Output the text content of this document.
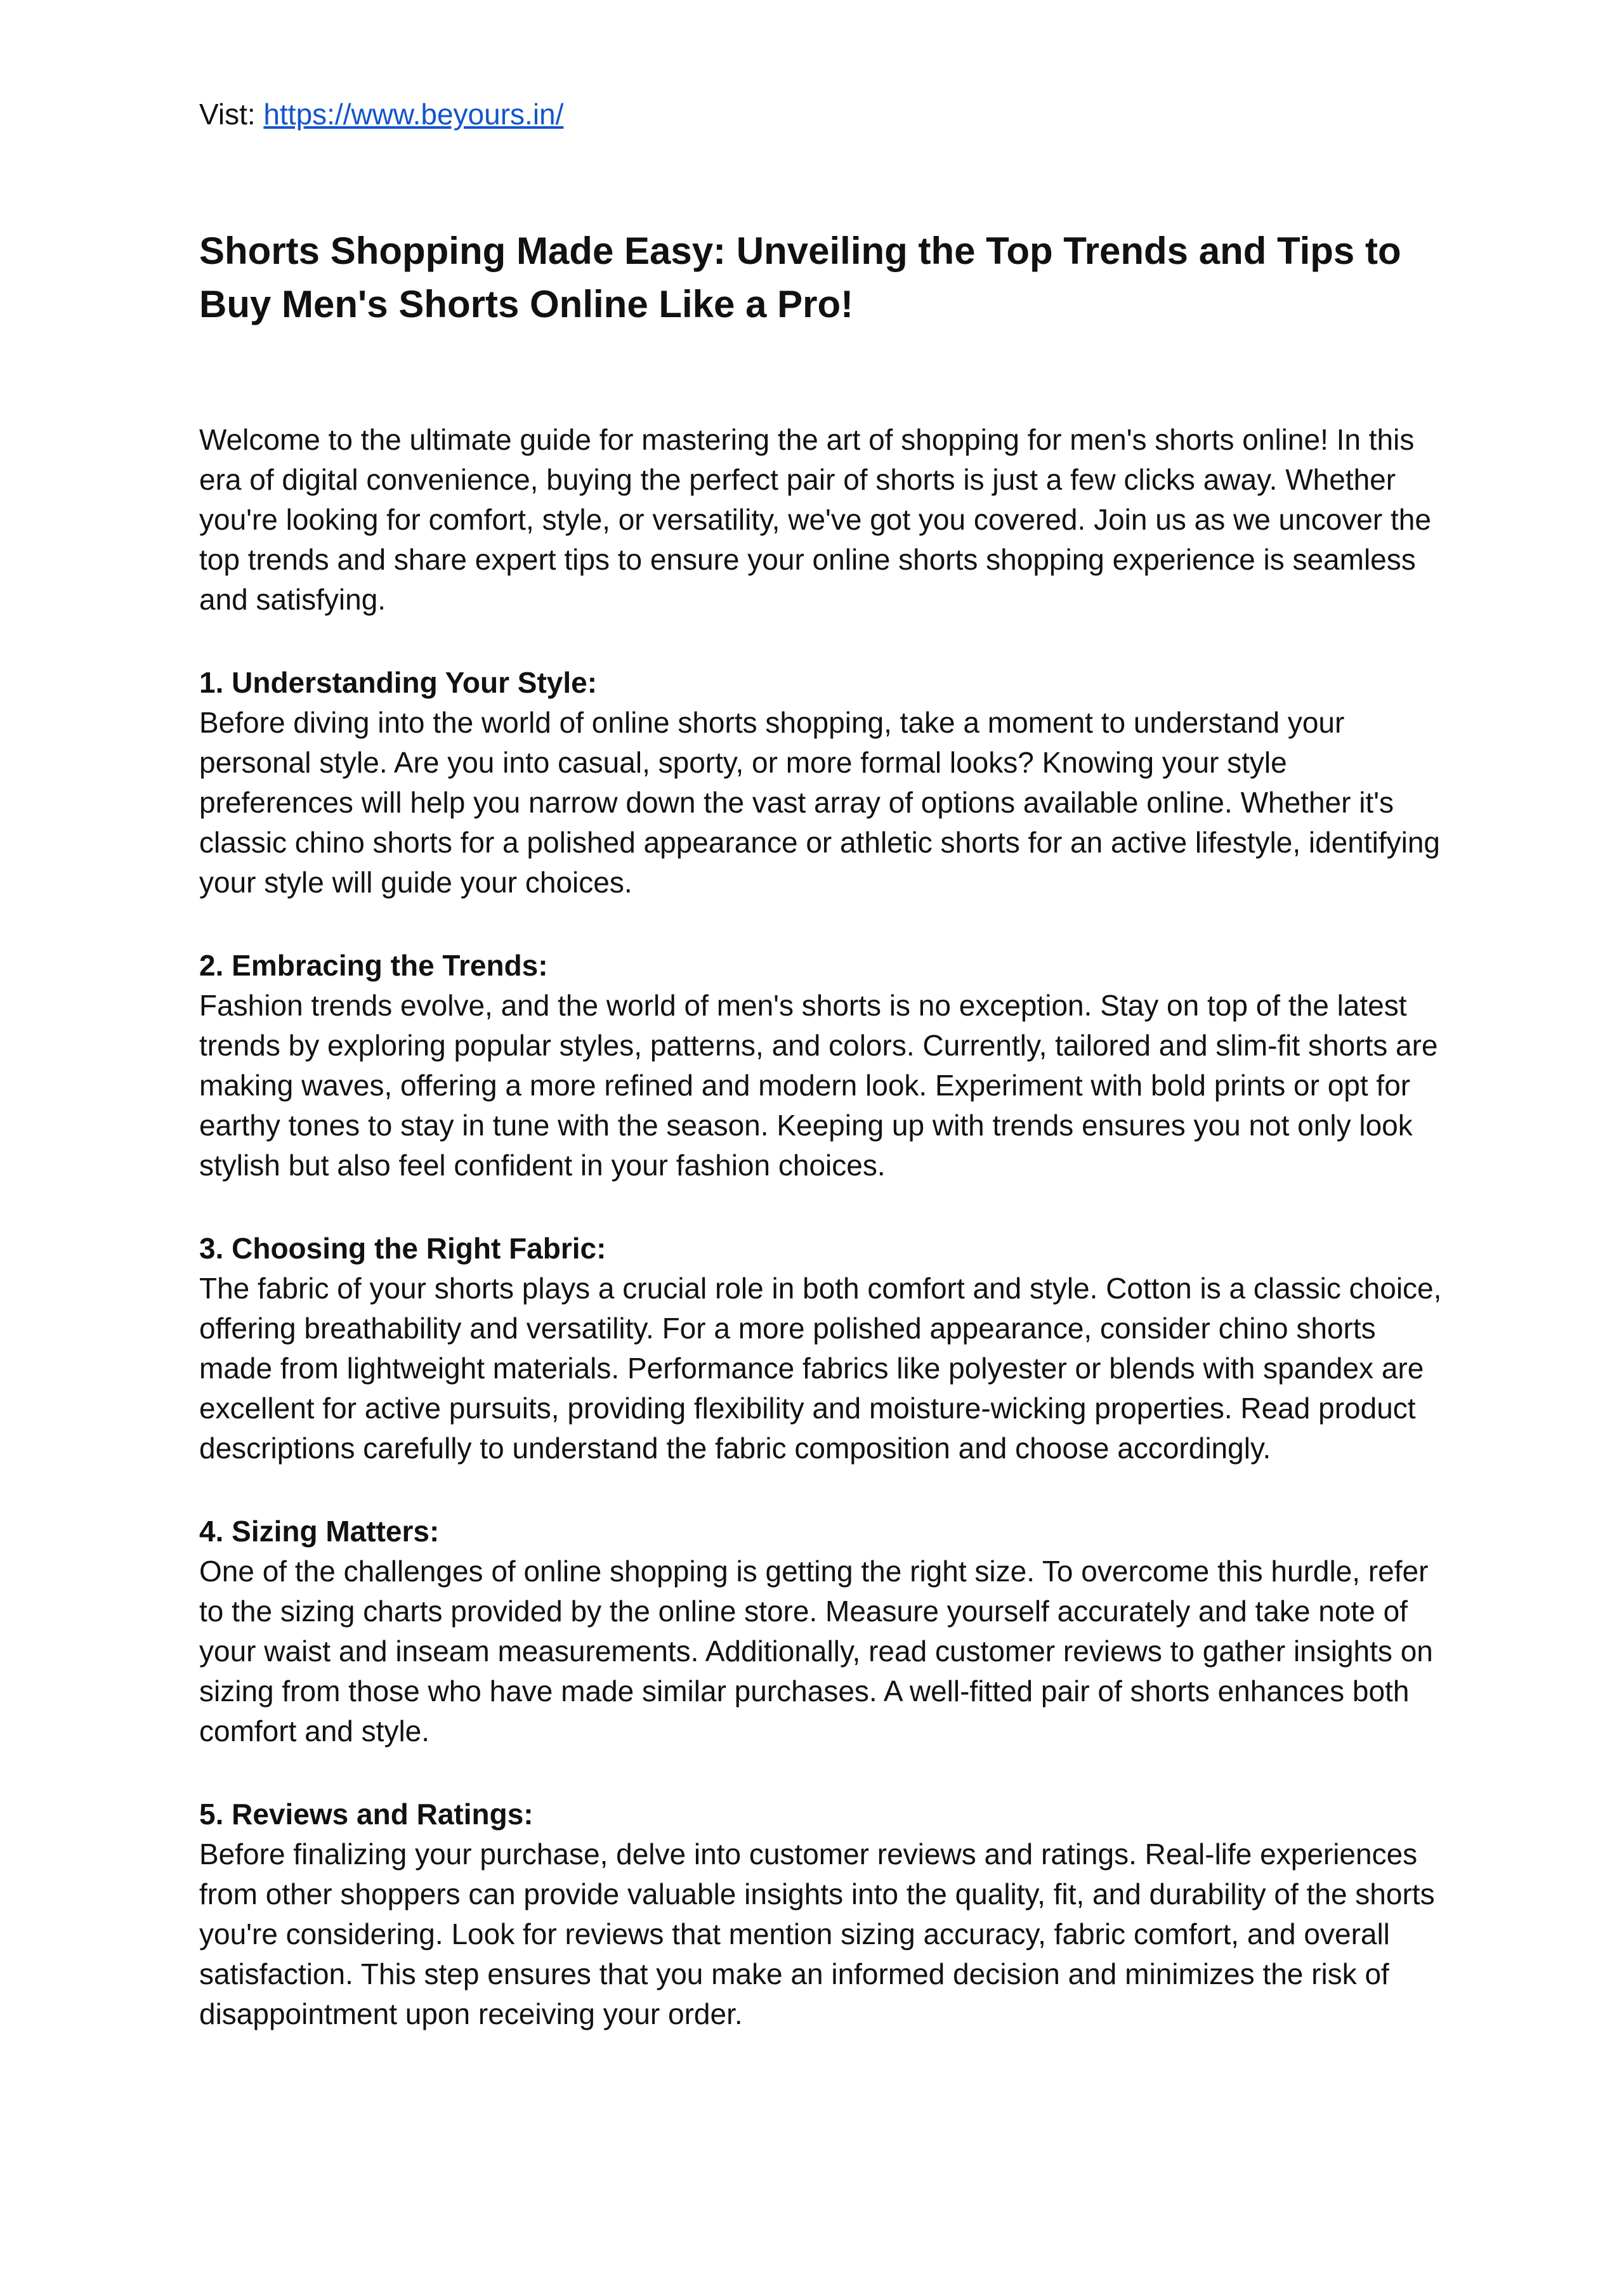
Vist: https://www.beyours.in/

Shorts Shopping Made Easy: Unveiling the Top Trends and Tips to Buy Men's Shorts Online Like a Pro!

Welcome to the ultimate guide for mastering the art of shopping for men's shorts online! In this era of digital convenience, buying the perfect pair of shorts is just a few clicks away. Whether you're looking for comfort, style, or versatility, we've got you covered. Join us as we uncover the top trends and share expert tips to ensure your online shorts shopping experience is seamless and satisfying.

1. Understanding Your Style:

Before diving into the world of online shorts shopping, take a moment to understand your personal style. Are you into casual, sporty, or more formal looks? Knowing your style preferences will help you narrow down the vast array of options available online. Whether it's classic chino shorts for a polished appearance or athletic shorts for an active lifestyle, identifying your style will guide your choices.

2. Embracing the Trends:

Fashion trends evolve, and the world of men's shorts is no exception. Stay on top of the latest trends by exploring popular styles, patterns, and colors. Currently, tailored and slim-fit shorts are making waves, offering a more refined and modern look. Experiment with bold prints or opt for earthy tones to stay in tune with the season. Keeping up with trends ensures you not only look stylish but also feel confident in your fashion choices.

3. Choosing the Right Fabric:

The fabric of your shorts plays a crucial role in both comfort and style. Cotton is a classic choice, offering breathability and versatility. For a more polished appearance, consider chino shorts made from lightweight materials. Performance fabrics like polyester or blends with spandex are excellent for active pursuits, providing flexibility and moisture-wicking properties. Read product descriptions carefully to understand the fabric composition and choose accordingly.

4. Sizing Matters:

One of the challenges of online shopping is getting the right size. To overcome this hurdle, refer to the sizing charts provided by the online store. Measure yourself accurately and take note of your waist and inseam measurements. Additionally, read customer reviews to gather insights on sizing from those who have made similar purchases. A well-fitted pair of shorts enhances both comfort and style.

5. Reviews and Ratings:

Before finalizing your purchase, delve into customer reviews and ratings. Real-life experiences from other shoppers can provide valuable insights into the quality, fit, and durability of the shorts you're considering. Look for reviews that mention sizing accuracy, fabric comfort, and overall satisfaction. This step ensures that you make an informed decision and minimizes the risk of disappointment upon receiving your order.
